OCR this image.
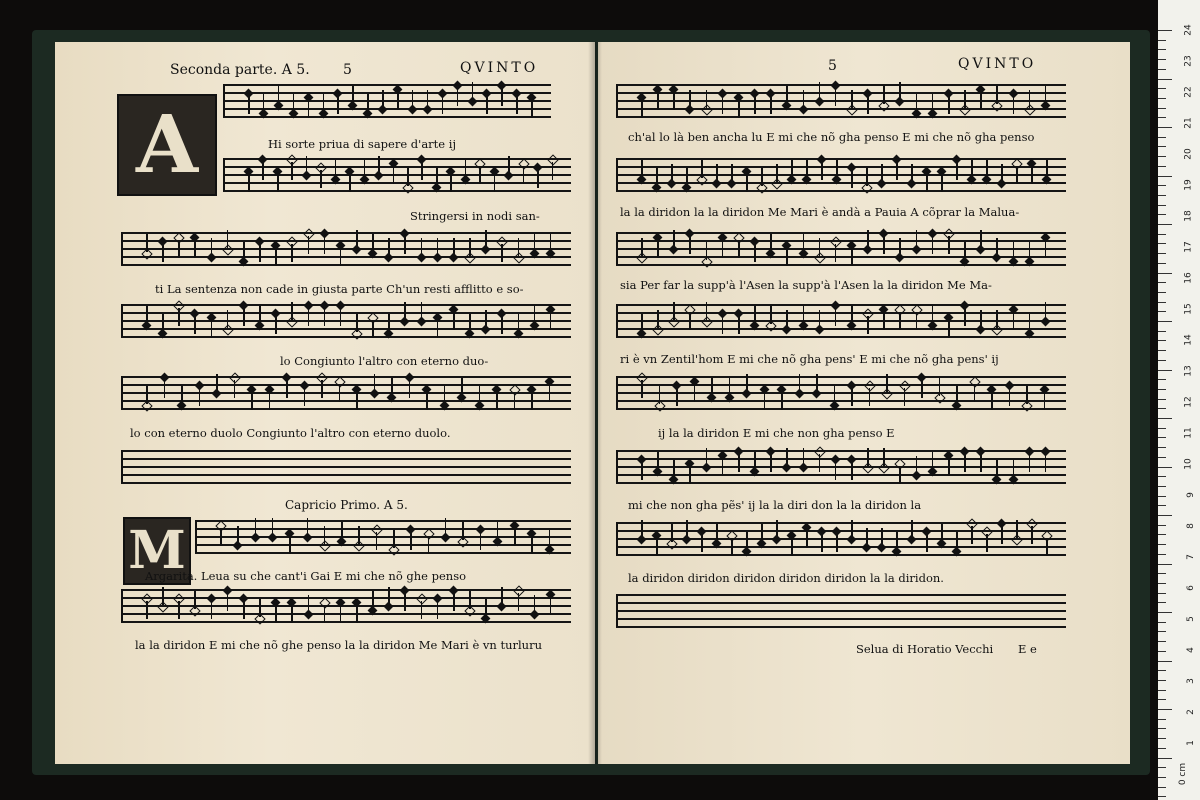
Seconda parte. A 5. 5	QVINTO
A
M
Hi sorte priua di sapere d'arte ij
Stringersi in nodi san-
ti La sentenza non cade in giusta parte Ch'un resti afflitto e so-
lo Congiunto l'altro con eterno duo-
lo con eterno duolo Congiunto l'altro con eterno duolo.
Capricio Primo. A 5.
Argarita. Leua su che cant'i Gai E mi che nõ ghe penso
la la diridon E mi che nõ ghe penso la la diridon Me Mari è vn turluru
5	QVINTO
ch'al lo là ben ancha lu E mi che nõ gha penso E mi che nõ gha penso
la la diridon la la diridon Me Mari è andà a Pauia A cõprar la Malua-
sia Per far la supp'à l'Asen la supp'à l'Asen la la diridon Me Ma-
ri è vn Zentil'hom E mi che nõ gha pens' E mi che nõ gha pens' ij
ij la la diridon E mi che non gha penso E
mi che non gha pẽs' ij la la diri don la la diridon la
la diridon diridon diridon diridon diridon la la diridon.
Selua di Horatio Vecchi E e
24
23
22
21
20
19
18
17
16
15
14
13
12
11
10
9
8
7
6
5
4
3
2
1
0 cm
